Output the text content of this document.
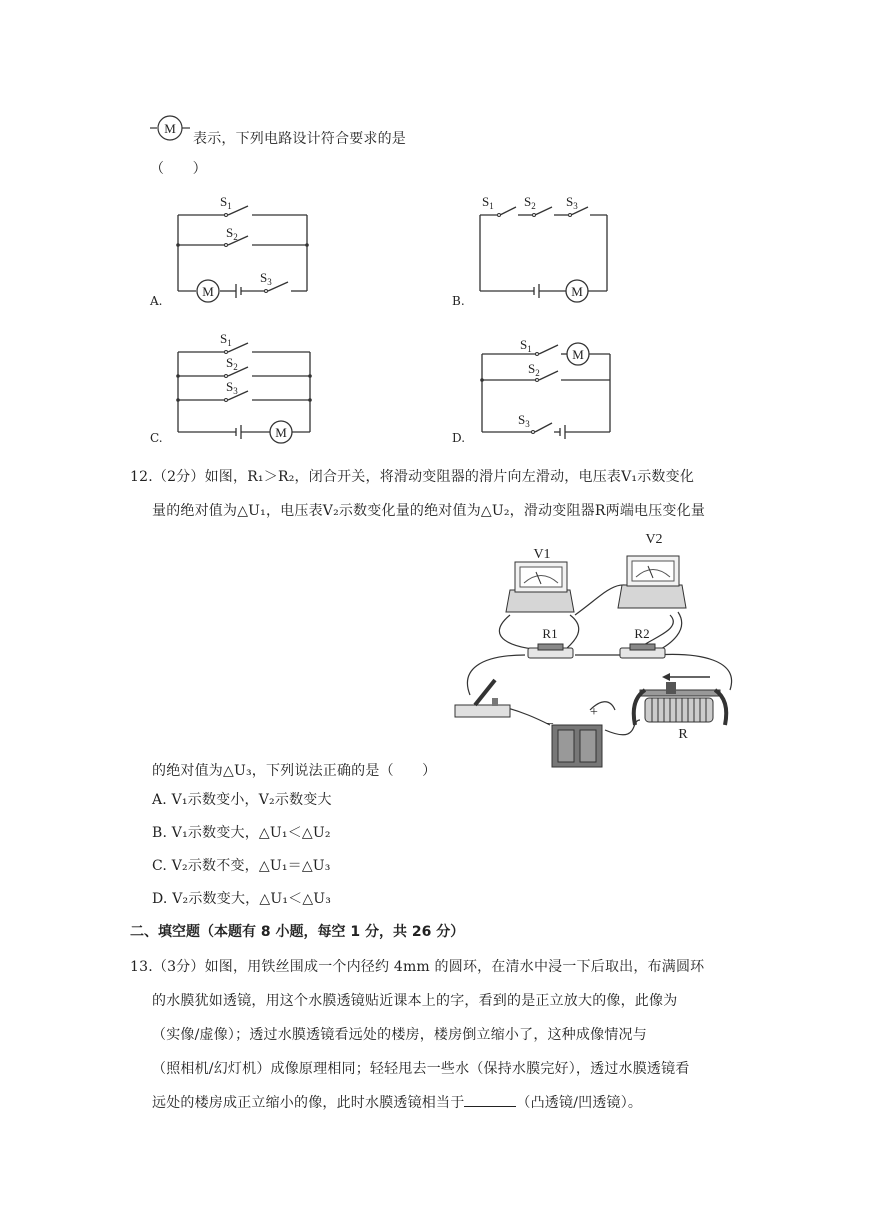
M
表示，下列电路设计符合要求的是
（　　）
A.
M
$S_1$
$S_2$
$S_3$
B.
M
$S_1$ $S_2$ $S_3$
C.	M
$S_1$
$S_2$
$S_3$
D.
M
$S_1$
$S_2$
$S_3$
12.（2分）如图，R₁＞R₂，闭合开关，将滑动变阻器的滑片向左滑动，电压表V₁示数变化
量的绝对值为△U₁，电压表V₂示数变化量的绝对值为△U₂，滑动变阻器R两端电压变化量
V1
V2
R1	R2
−
+
R
的绝对值为△U₃，下列说法正确的是（　　）
A. V₁示数变小，V₂示数变大
B. V₁示数变大，△U₁＜△U₂
C. V₂示数不变，△U₁＝△U₃
D. V₂示数变大，△U₁＜△U₃
二、填空题（本题有 8 小题，每空 1 分，共 26 分）
13.（3分）如图，用铁丝围成一个内径约 4mm 的圆环，在清水中浸一下后取出，布满圆环
的水膜犹如透镜，用这个水膜透镜贴近课本上的字，看到的是正立放大的像，此像为
（实像/虚像）；透过水膜透镜看远处的楼房，楼房倒立缩小了，这种成像情况与
（照相机/幻灯机）成像原理相同；轻轻甩去一些水（保持水膜完好），透过水膜透镜看
远处的楼房成正立缩小的像，此时水膜透镜相当于	（凸透镜/凹透镜）。
